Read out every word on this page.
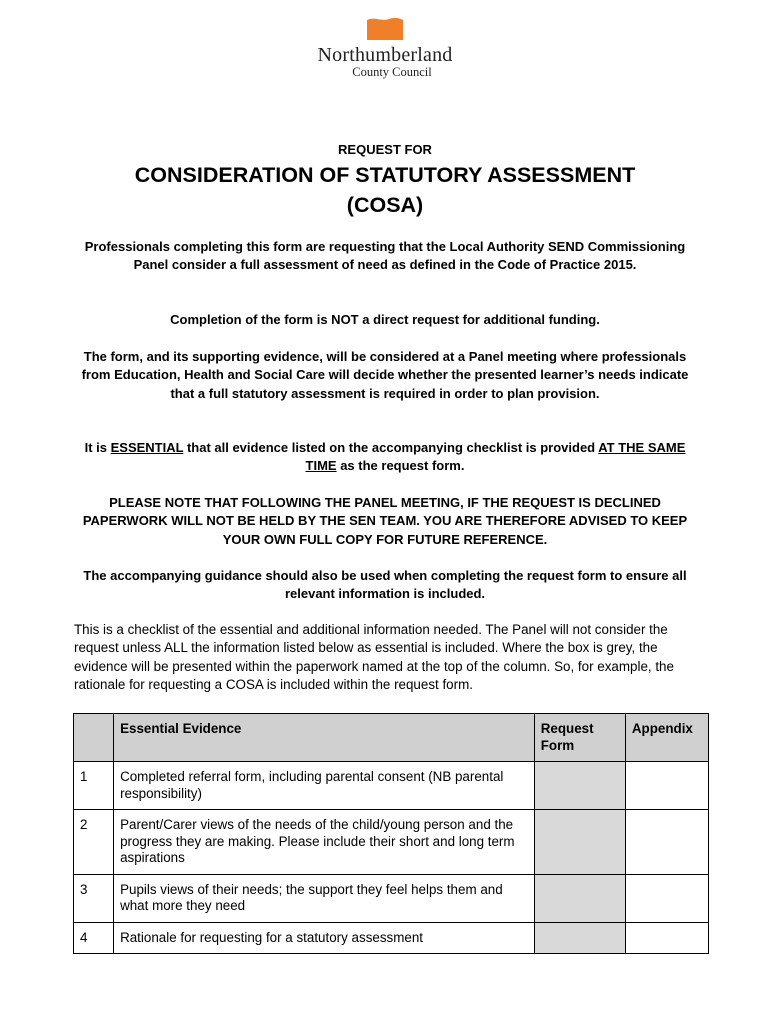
Northumberland
County Council
REQUEST FOR
CONSIDERATION OF STATUTORY ASSESSMENT
(COSA)
Professionals completing this form are requesting that the Local Authority SEND Commissioning Panel consider a full assessment of need as defined in the Code of Practice 2015.
Completion of the form is NOT a direct request for additional funding.
The form, and its supporting evidence, will be considered at a Panel meeting where professionals from Education, Health and Social Care will decide whether the presented learner’s needs indicate that a full statutory assessment is required in order to plan provision.
It is ESSENTIAL that all evidence listed on the accompanying checklist is provided AT THE SAME TIME as the request form.
PLEASE NOTE THAT FOLLOWING THE PANEL MEETING, IF THE REQUEST IS DECLINED PAPERWORK WILL NOT BE HELD BY THE SEN TEAM. YOU ARE THEREFORE ADVISED TO KEEP YOUR OWN FULL COPY FOR FUTURE REFERENCE.
The accompanying guidance should also be used when completing the request form to ensure all relevant information is included.
This is a checklist of the essential and additional information needed. The Panel will not consider the request unless ALL the information listed below as essential is included. Where the box is grey, the evidence will be presented within the paperwork named at the top of the column. So, for example, the rationale for requesting a COSA is included within the request form.
	Essential Evidence	Request Form	Appendix
1	Completed referral form, including parental consent (NB parental responsibility)		
2	Parent/Carer views of the needs of the child/young person and the progress they are making. Please include their short and long term aspirations		
3	Pupils views of their needs; the support they feel helps them and what more they need		
4	Rationale for requesting for a statutory assessment		
